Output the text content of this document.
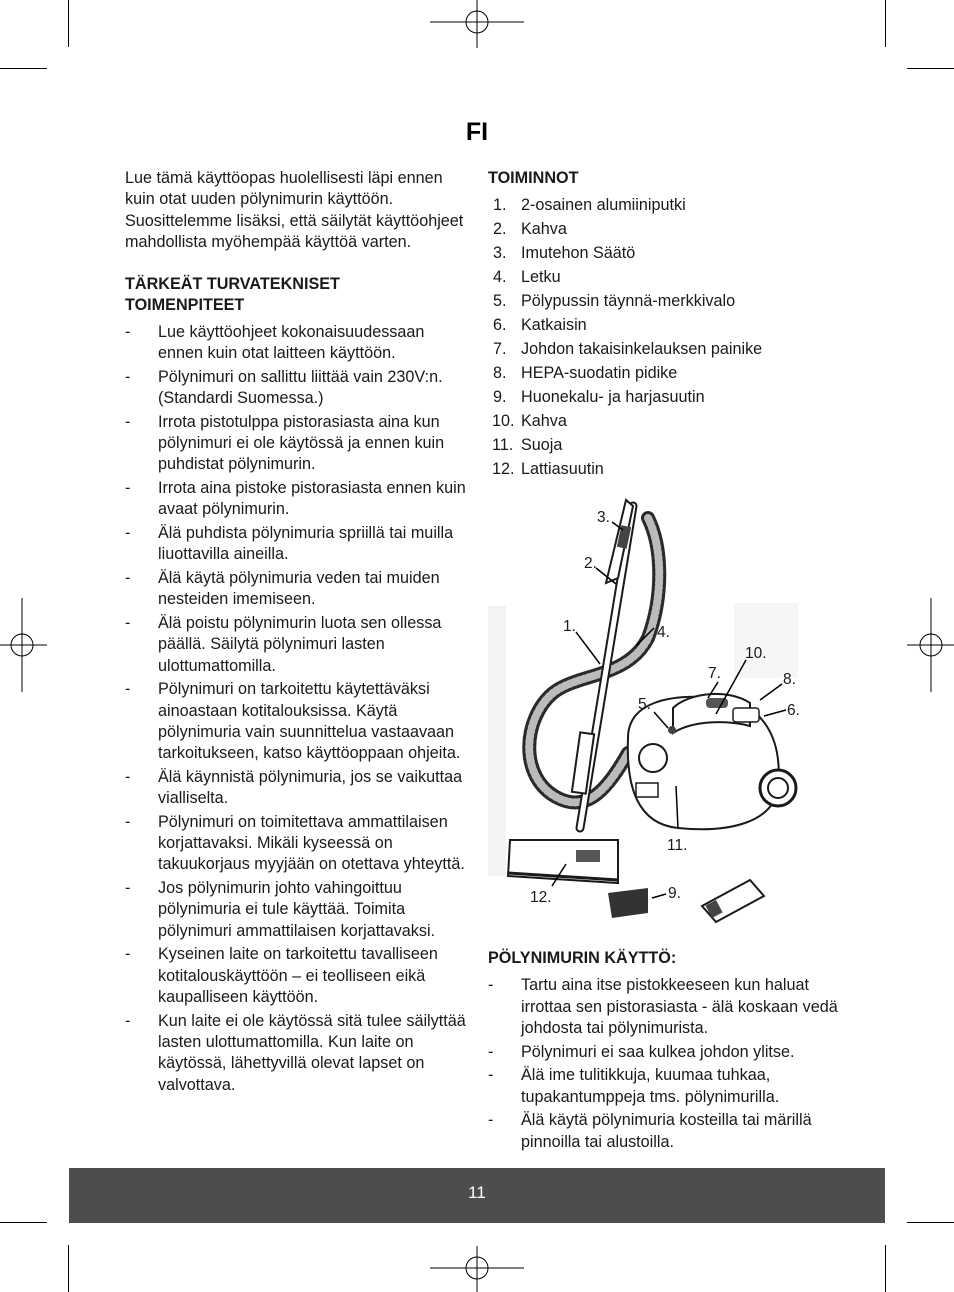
FI

Lue tämä käyttöopas huolellisesti läpi ennen kuin otat uuden pölynimurin käyttöön. Suosittelemme lisäksi, että säilytät käyttöohjeet mahdollista myöhempää käyttöä varten.

TÄRKEÄT TURVATEKNISET
TOIMENPITEET

- Lue käyttöohjeet kokonaisuudessaan ennen kuin otat laitteen käyttöön.
- Pölynimuri on sallittu liittää vain 230V:n. (Standardi Suomessa.)
- Irrota pistotulppa pistorasiasta aina kun pölynimuri ei ole käytössä ja ennen kuin puhdistat pölynimurin.
- Irrota aina pistoke pistorasiasta ennen kuin avaat pölynimurin.
- Älä puhdista pölynimuria spriillä tai muilla liuottavilla aineilla.
- Älä käytä pölynimuria veden tai muiden nesteiden imemiseen.
- Älä poistu pölynimurin luota sen ollessa päällä. Säilytä pölynimuri lasten ulottumattomilla.
- Pölynimuri on tarkoitettu käytettäväksi ainoastaan kotitalouksissa. Käytä pölynimuria vain suunnittelua vastaavaan tarkoitukseen, katso käyttöoppaan ohjeita.
- Älä käynnistä pölynimuria, jos se vaikuttaa vialliselta.
- Pölynimuri on toimitettava ammattilaisen korjattavaksi. Mikäli kyseessä on takuukorjaus myyjään on otettava yhteyttä.
- Jos pölynimurin johto vahingoittuu pölynimuria ei tule käyttää. Toimita pölynimuri ammattilaisen korjattavaksi.
- Kyseinen laite on tarkoitettu tavalliseen kotitalouskäyttöön – ei teolliseen eikä kaupalliseen käyttöön.
- Kun laite ei ole käytössä sitä tulee säilyttää lasten ulottumattomilla. Kun laite on käytössä, lähettyvillä olevat lapset on valvottava.

TOIMINNOT

1. 2-osainen alumiiniputki
2. Kahva
3. Imutehon Säätö
4. Letku
5. Pölypussin täynnä-merkkivalo
6. Katkaisin
7. Johdon takaisinkelauksen painike
8. HEPA-suodatin pidike
9. Huonekalu- ja harjasuutin
10. Kahva
11. Suoja
12. Lattiasuutin
1.
2.
3.
4.
5.	6.
7.	8.
9.
10.
11.
12.

PÖLYNIMURIN KÄYTTÖ:

- Tartu aina itse pistokkeeseen kun haluat irrottaa sen pistorasiasta - älä koskaan vedä johdosta tai pölynimurista.
- Pölynimuri ei saa kulkea johdon ylitse.
- Älä ime tulitikkuja, kuumaa tuhkaa, tupakantumppeja tms. pölynimurilla.
- Älä käytä pölynimuria kosteilla tai märillä pinnoilla tai alustoilla.
11
